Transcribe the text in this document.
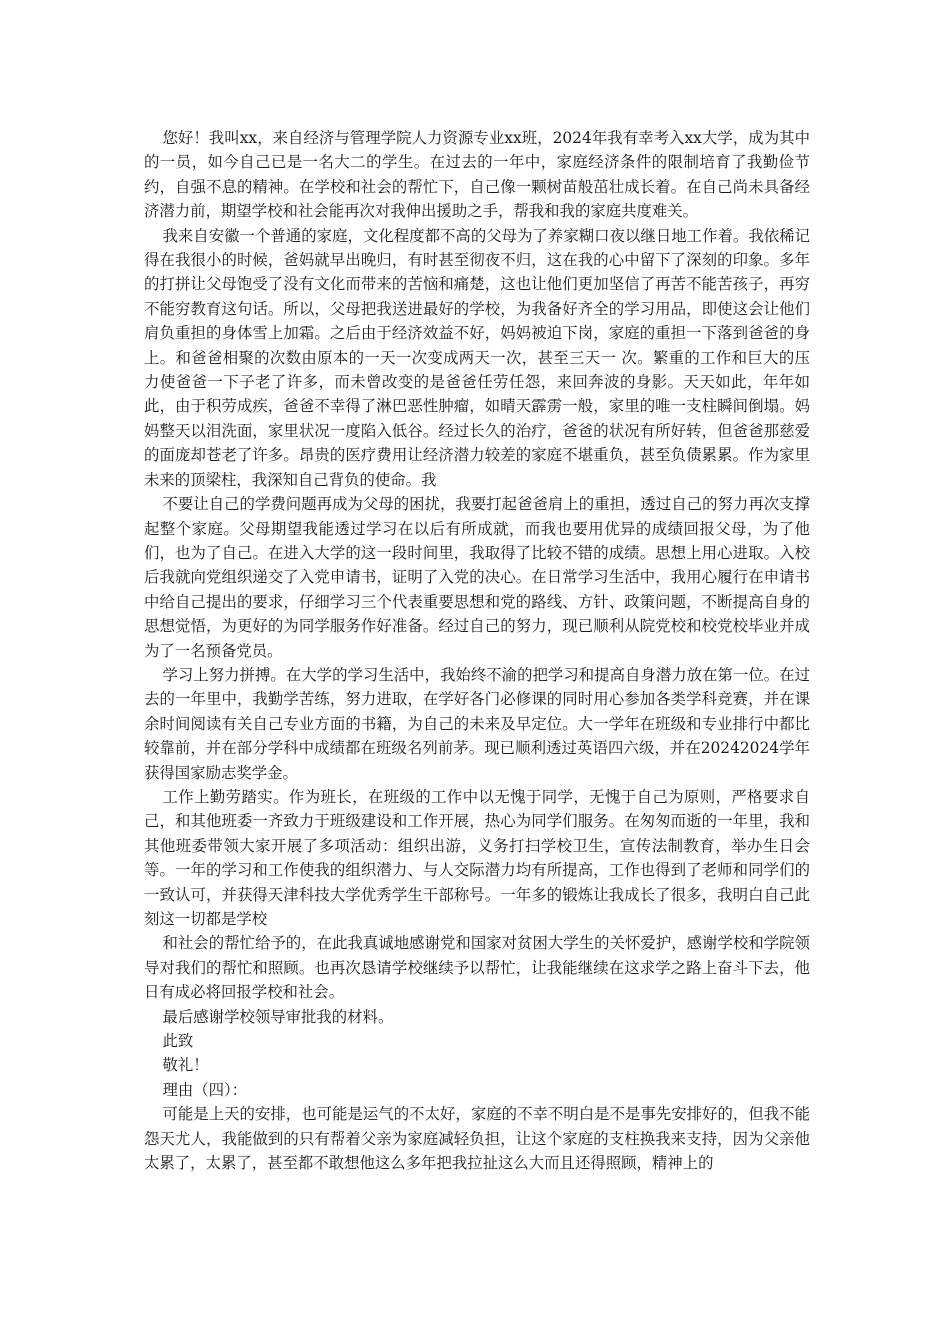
您好！我叫xx，来自经济与管理学院人力资源专业xx班，2024年我有幸考入xx大学，成为其中的一员，如今自己已是一名大二的学生。在过去的一年中，家庭经济条件的限制培育了我勤俭节约，自强不息的精神。在学校和社会的帮忙下，自己像一颗树苗般茁壮成长着。在自己尚未具备经济潜力前，期望学校和社会能再次对我伸出援助之手，帮我和我的家庭共度难关。

我来自安徽一个普通的家庭，文化程度都不高的父母为了养家糊口夜以继日地工作着。我依稀记得在我很小的时候，爸妈就早出晚归，有时甚至彻夜不归，这在我的心中留下了深刻的印象。多年的打拼让父母饱受了没有文化而带来的苦恼和痛楚，这也让他们更加坚信了再苦不能苦孩子，再穷不能穷教育这句话。所以，父母把我送进最好的学校，为我备好齐全的学习用品，即使这会让他们肩负重担的身体雪上加霜。之后由于经济效益不好，妈妈被迫下岗，家庭的重担一下落到爸爸的身上。和爸爸相聚的次数由原本的一天一次变成两天一次，甚至三天一 次。繁重的工作和巨大的压力使爸爸一下子老了许多，而未曾改变的是爸爸任劳任怨，来回奔波的身影。天天如此，年年如此，由于积劳成疾，爸爸不幸得了淋巴恶性肿瘤，如晴天霹雳一般，家里的唯一支柱瞬间倒塌。妈妈整天以泪洗面，家里状况一度陷入低谷。经过长久的治疗，爸爸的状况有所好转，但爸爸那慈爱的面庞却苍老了许多。昂贵的医疗费用让经济潜力较差的家庭不堪重负，甚至负债累累。作为家里未来的顶梁柱，我深知自己背负的使命。我

不要让自己的学费问题再成为父母的困扰，我要打起爸爸肩上的重担，透过自己的努力再次支撑起整个家庭。父母期望我能透过学习在以后有所成就，而我也要用优异的成绩回报父母，为了他们，也为了自己。在进入大学的这一段时间里，我取得了比较不错的成绩。思想上用心进取。入校后我就向党组织递交了入党申请书，证明了入党的决心。在日常学习生活中，我用心履行在申请书中给自己提出的要求，仔细学习三个代表重要思想和党的路线、方针、政策问题，不断提高自身的思想觉悟，为更好的为同学服务作好准备。经过自己的努力，现已顺利从院党校和校党校毕业并成为了一名预备党员。

学习上努力拼搏。在大学的学习生活中，我始终不渝的把学习和提高自身潜力放在第一位。在过去的一年里中，我勤学苦练，努力进取，在学好各门必修课的同时用心参加各类学科竞赛，并在课余时间阅读有关自己专业方面的书籍，为自己的未来及早定位。大一学年在班级和专业排行中都比较靠前，并在部分学科中成绩都在班级名列前茅。现已顺利透过英语四六级，并在20242024学年获得国家励志奖学金。

工作上勤劳踏实。作为班长，在班级的工作中以无愧于同学，无愧于自己为原则，严格要求自己，和其他班委一齐致力于班级建设和工作开展，热心为同学们服务。在匆匆而逝的一年里，我和其他班委带领大家开展了多项活动：组织出游，义务打扫学校卫生，宣传法制教育，举办生日会等。一年的学习和工作使我的组织潜力、与人交际潜力均有所提高，工作也得到了老师和同学们的一致认可，并获得天津科技大学优秀学生干部称号。一年多的锻炼让我成长了很多，我明白自己此刻这一切都是学校

和社会的帮忙给予的，在此我真诚地感谢党和国家对贫困大学生的关怀爱护，感谢学校和学院领导对我们的帮忙和照顾。也再次恳请学校继续予以帮忙，让我能继续在这求学之路上奋斗下去，他日有成必将回报学校和社会。

最后感谢学校领导审批我的材料。

此致

敬礼！

理由（四）：

可能是上天的安排，也可能是运气的不太好，家庭的不幸不明白是不是事先安排好的，但我不能怨天尤人，我能做到的只有帮着父亲为家庭减轻负担，让这个家庭的支柱换我来支持，因为父亲他太累了，太累了，甚至都不敢想他这么多年把我拉扯这么大而且还得照顾，精神上的
